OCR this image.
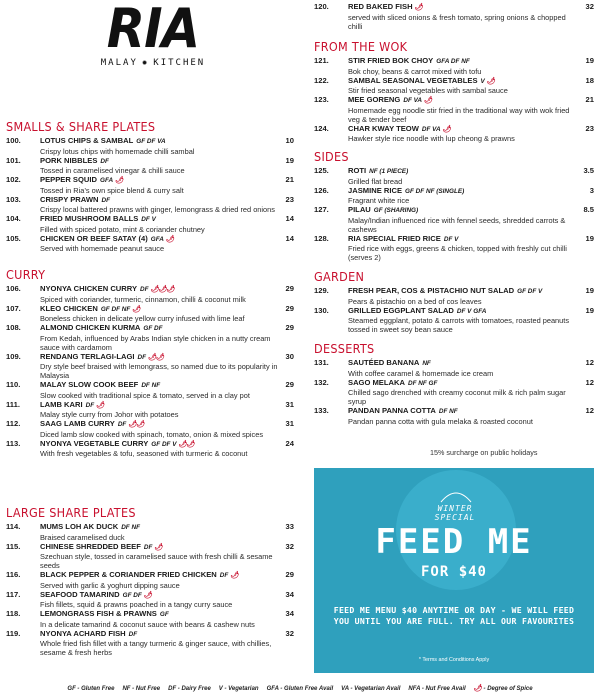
RIA
MALAY ✹ KITCHEN
SMALLS & SHARE PLATES
100.	LOTUS CHIPS & SAMBAL GF DF VA	10
Crispy lotus chips with homemade chilli sambal
101.	PORK NIBBLES DF	19
Tossed in caramelised vinegar & chilli sauce
102.	PEPPER SQUID GFA 🌶	21
Tossed in Ria’s own spice blend & curry salt
103.	CRISPY PRAWN DF	23
Crispy local battered prawns with ginger, lemongrass & dried red onions
104.	FRIED MUSHROOM BALLS DF V	14
Filled with spiced potato, mint & coriander chutney
105.	CHICKEN OR BEEF SATAY (4) GFA 🌶	14
Served with homemade peanut sauce
CURRY
106.	NYONYA CHICKEN CURRY DF 🌶🌶🌶	29
Spiced with coriander, turmeric, cinnamon, chilli & coconut milk
107.	KLEO CHICKEN GF DF NF 🌶	29
Boneless chicken in delicate yellow curry infused with lime leaf
108.	ALMOND CHICKEN KURMA GF DF	29
From Kedah, influenced by Arabs Indian style chicken in a nutty cream sauce with cardamom
109.	RENDANG TERLAGI-LAGI DF 🌶🌶	30
Dry style beef braised with lemongrass, so named due to its popularity in Malaysia
110.	MALAY SLOW COOK BEEF DF NF	29
Slow cooked with traditional spice & tomato, served in a clay pot
111.	LAMB KARI DF 🌶	31
Malay style curry from Johor with potatoes
112.	SAAG LAMB CURRY DF 🌶🌶	31
Diced lamb slow cooked with spinach, tomato, onion & mixed spices
113.	NYONYA VEGETABLE CURRY GF DF V 🌶🌶	24
With fresh vegetables & tofu, seasoned with turmeric & coconut
LARGE SHARE PLATES
114.	MUMS LOH AK DUCK DF NF	33
Braised caramelised duck
115.	CHINESE SHREDDED BEEF DF 🌶	32
Szechuan style, tossed in caramelised sauce with fresh chilli & sesame seeds
116.	BLACK PEPPER & CORIANDER FRIED CHICKEN DF 🌶	29
Served with garlic & yoghurt dipping sauce
117.	SEAFOOD TAMARIND GF DF 🌶	34
Fish fillets, squid & prawns poached in a tangy curry sauce
118.	LEMONGRASS FISH & PRAWNS GF	34
In a delicate tamarind & coconut sauce with beans & cashew nuts
119.	NYONYA ACHARD FISH DF	32
Whole fried fish fillet with a tangy turmeric & ginger sauce, with chillies, sesame & fresh herbs
120.	RED BAKED FISH 🌶	32
served with sliced onions & fresh tomato, spring onions & chopped chilli
FROM THE WOK
121.	STIR FRIED BOK CHOY GFA DF NF	19
Bok choy, beans & carrot mixed with tofu
122.	SAMBAL SEASONAL VEGETABLES V 🌶	18
Stir fried seasonal vegetables with sambal sauce
123.	MEE GORENG DF VA 🌶	21
Homemade egg noodle stir fried in the traditional way with wok fried veg & tender beef
124.	CHAR KWAY TEOW DF VA 🌶	23
Hawker style rice noodle with lup cheong & prawns
SIDES
125.	ROTI NF (1 PIECE)	3.5
Grilled flat bread
126.	JASMINE RICE GF DF NF (SINGLE)	3
Fragrant white rice
127.	PILAU GF (SHARING)	8.5
Malay/Indian influenced rice with fennel seeds, shredded carrots & cashews
128.	RIA SPECIAL FRIED RICE DF V	19
Fried rice with eggs, greens & chicken, topped with freshly cut chilli (serves 2)
GARDEN
129.	FRESH PEAR, COS & PISTACHIO NUT SALAD GF DF V	19
Pears & pistachio on a bed of cos leaves
130.	GRILLED EGGPLANT SALAD DF V GFA	19
Steamed eggplant, potato & carrots with tomatoes, roasted peanuts tossed in sweet soy bean sauce
DESSERTS
131.	SAUTÉED BANANA NF	12
With coffee caramel & homemade ice cream
132.	SAGO MELAKA DF NF GF	12
Chilled sago drenched with creamy coconut milk & rich palm sugar syrup
133.	PANDAN PANNA COTTA DF NF	12
Pandan panna cotta with gula melaka & roasted coconut
15% surcharge on public holidays
WINTER SPECIAL
FEED ME
FOR $40
FEED ME MENU $40 ANYTIME OR DAY - WE WILL FEED YOU UNTIL YOU ARE FULL. TRY ALL OUR FAVOURITES
* Terms and Conditions Apply
GF - Gluten Free NF - Nut Free DF - Dairy Free V - Vegetarian GFA - Gluten Free Avail VA - Vegetarian Avail NFA - Nut Free Avail 🌶 - Degree of Spice
